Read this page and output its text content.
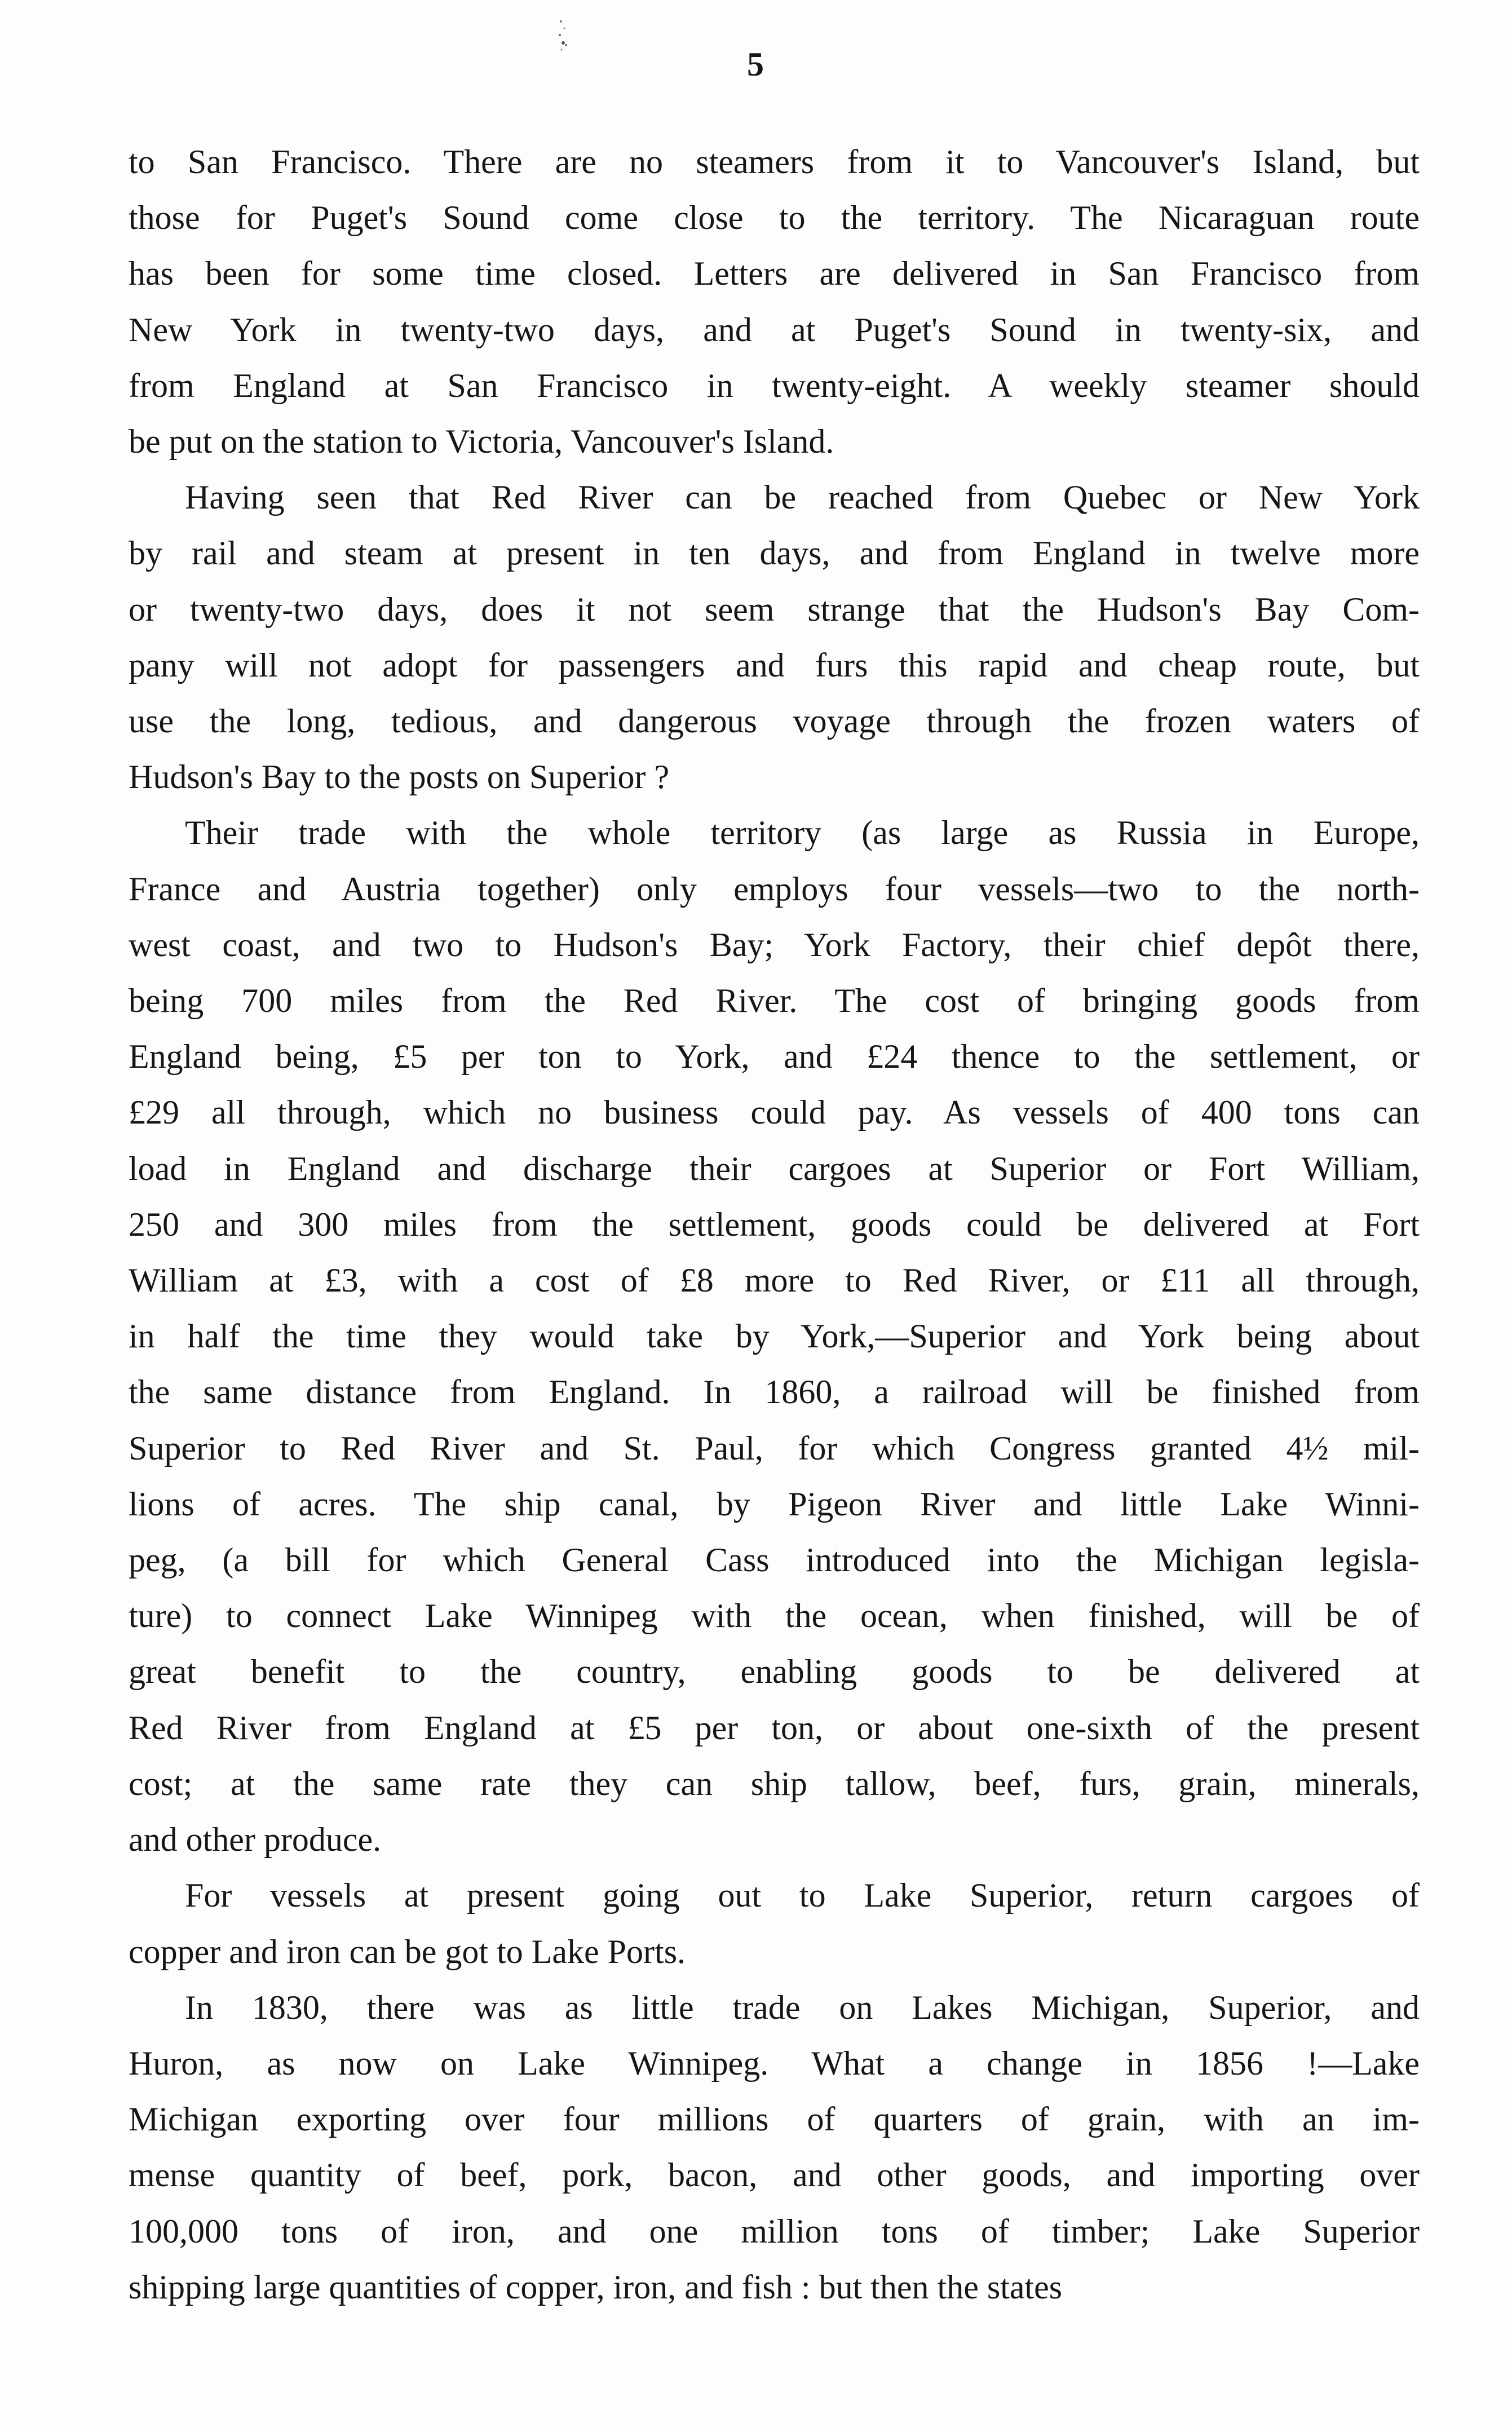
5
to San Francisco. There are no steamers from it to Vancouver's Island, but
those for Puget's Sound come close to the territory. The Nicaraguan route
has been for some time closed. Letters are delivered in San Francisco from
New York in twenty-two days, and at Puget's Sound in twenty-six, and
from England at San Francisco in twenty-eight. A weekly steamer should
be put on the station to Victoria, Vancouver's Island.
Having seen that Red River can be reached from Quebec or New York
by rail and steam at present in ten days, and from England in twelve more
or twenty-two days, does it not seem strange that the Hudson's Bay Com-
pany will not adopt for passengers and furs this rapid and cheap route, but
use the long, tedious, and dangerous voyage through the frozen waters of
Hudson's Bay to the posts on Superior ?
Their trade with the whole territory (as large as Russia in Europe,
France and Austria together) only employs four vessels—two to the north-
west coast, and two to Hudson's Bay; York Factory, their chief depôt there,
being 700 miles from the Red River. The cost of bringing goods from
England being, £5 per ton to York, and £24 thence to the settlement, or
£29 all through, which no business could pay. As vessels of 400 tons can
load in England and discharge their cargoes at Superior or Fort William,
250 and 300 miles from the settlement, goods could be delivered at Fort
William at £3, with a cost of £8 more to Red River, or £11 all through,
in half the time they would take by York,—Superior and York being about
the same distance from England. In 1860, a railroad will be finished from
Superior to Red River and St. Paul, for which Congress granted 4½ mil-
lions of acres. The ship canal, by Pigeon River and little Lake Winni-
peg, (a bill for which General Cass introduced into the Michigan legisla-
ture) to connect Lake Winnipeg with the ocean, when finished, will be of
great benefit to the country, enabling goods to be delivered at
Red River from England at £5 per ton, or about one-sixth of the present
cost; at the same rate they can ship tallow, beef, furs, grain, minerals,
and other produce.
For vessels at present going out to Lake Superior, return cargoes of
copper and iron can be got to Lake Ports.
In 1830, there was as little trade on Lakes Michigan, Superior, and
Huron, as now on Lake Winnipeg. What a change in 1856 !—Lake
Michigan exporting over four millions of quarters of grain, with an im-
mense quantity of beef, pork, bacon, and other goods, and importing over
100,000 tons of iron, and one million tons of timber; Lake Superior
shipping large quantities of copper, iron, and fish : but then the states
